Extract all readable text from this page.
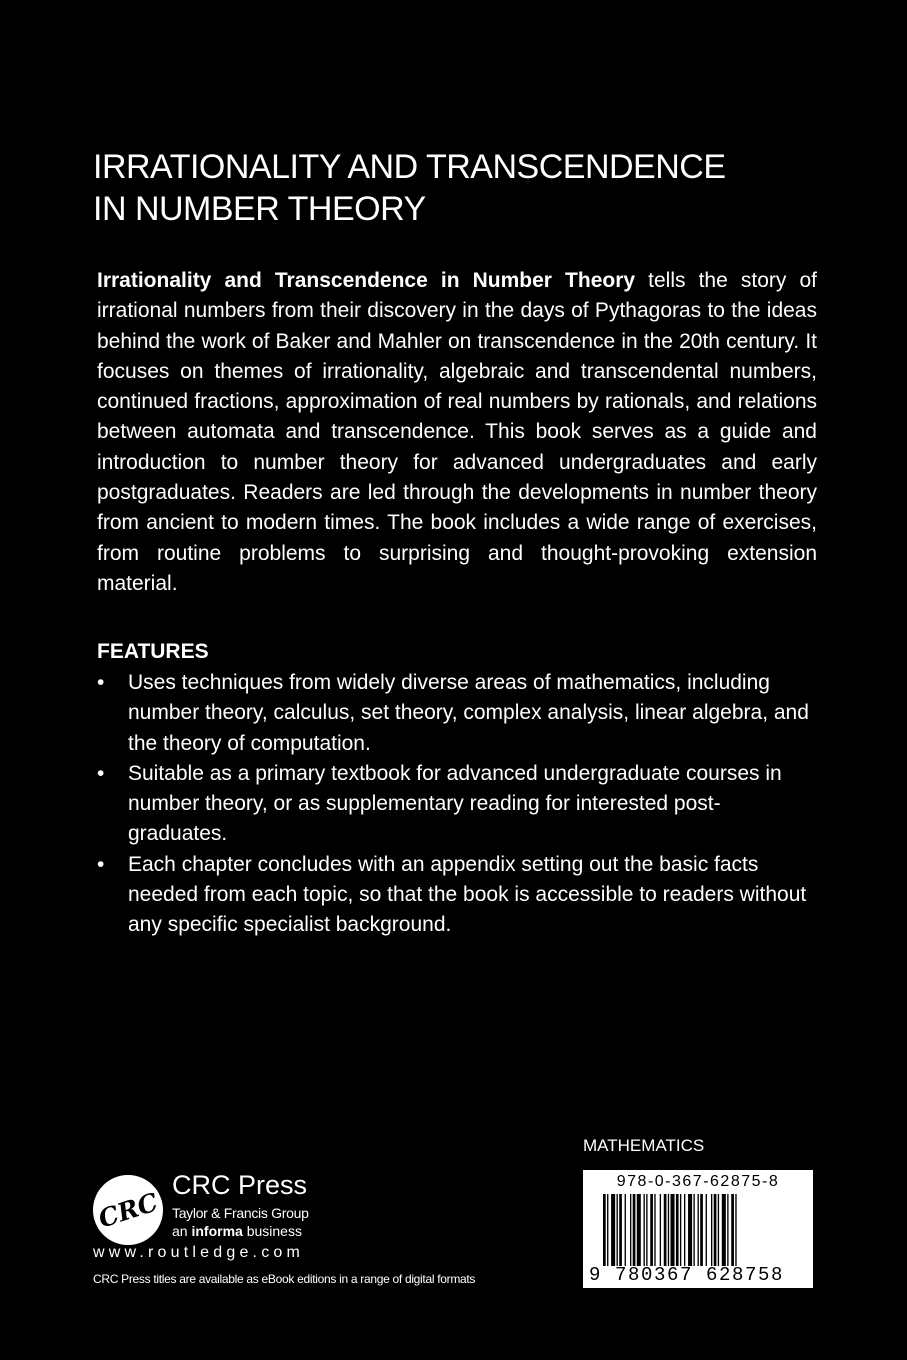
IRRATIONALITY AND TRANSCENDENCE
IN NUMBER THEORY

Irrationality and Transcendence in Number Theory tells the story of irrational numbers from their discovery in the days of Pythagoras to the ideas behind the work of Baker and Mahler on transcendence in the 20th century. It focuses on themes of irrationality, algebraic and transcendental numbers, continued fractions, approximation of real numbers by rationals, and relations between automata and transcendence. This book serves as a guide and introduction to number theory for advanced undergraduates and early postgraduates. Readers are led through the developments in number theory from ancient to modern times. The book includes a wide range of exercises, from routine problems to surprising and thought-provoking extension material.

FEATURES
• Uses techniques from widely diverse areas of mathematics, including number theory, calculus, set theory, complex analysis, linear algebra, and the theory of computation.
• Suitable as a primary textbook for advanced undergraduate courses in number theory, or as supplementary reading for interested post-graduates.
• Each chapter concludes with an appendix setting out the basic facts needed from each topic, so that the book is accessible to readers without any specific specialist background.
MATHEMATICS
978-0-367-62875-8
9 780367 628758
CRC
CRC Press
Taylor & Francis Group
an informa business
www.routledge.com
CRC Press titles are available as eBook editions in a range of digital formats
